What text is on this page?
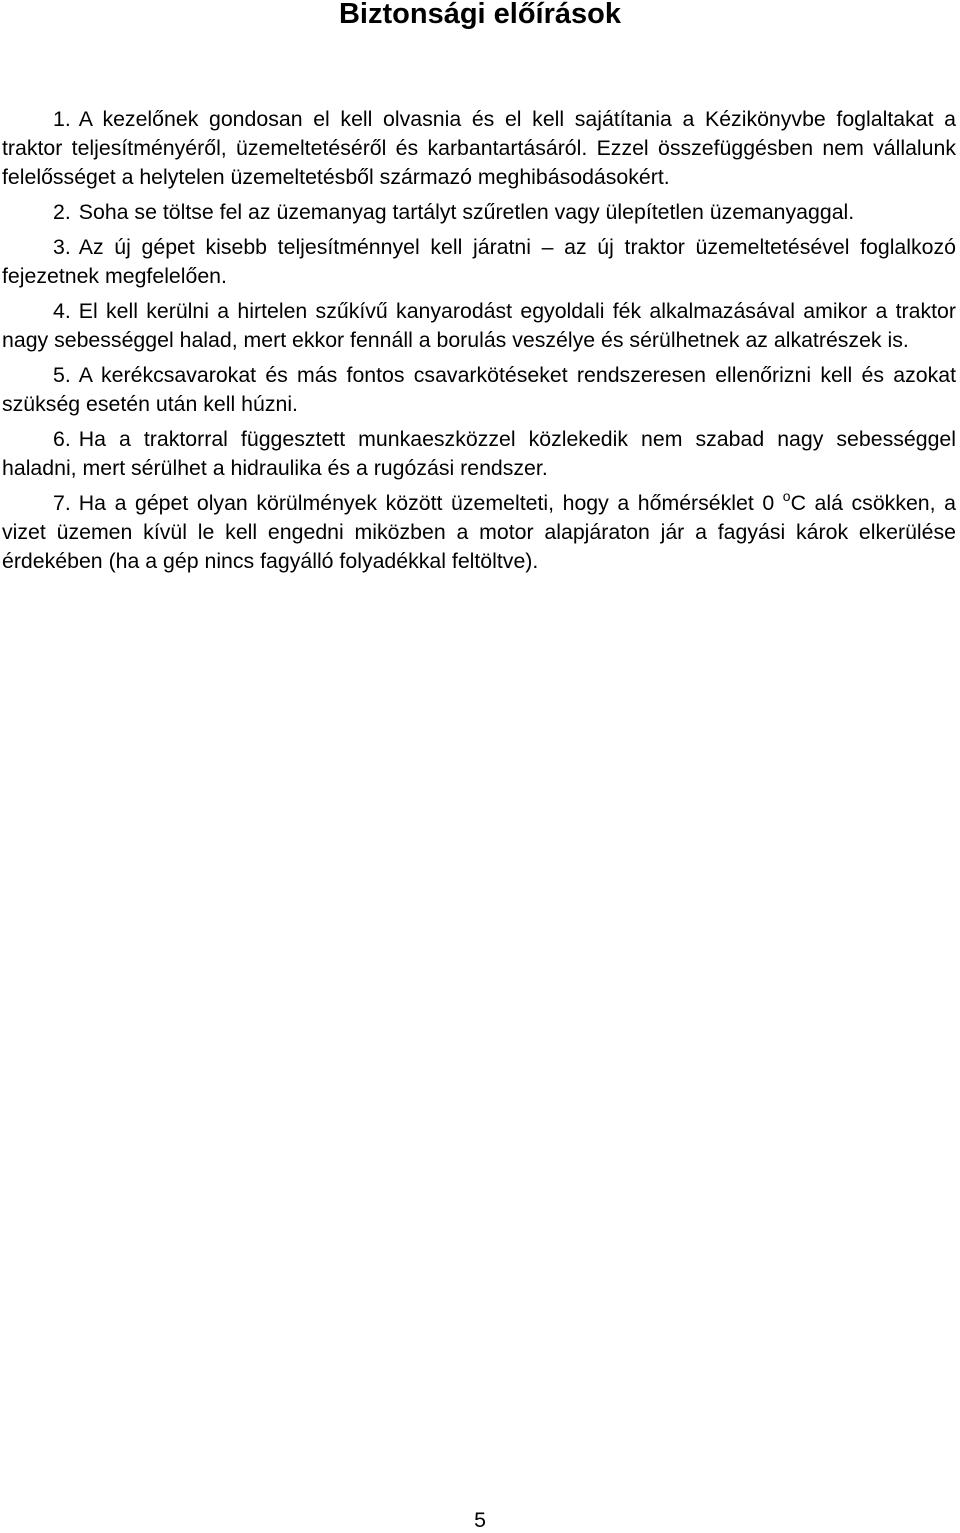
Biztonsági előírások

1. A kezelőnek gondosan el kell olvasnia és el kell sajátítania a Kézikönyvbe foglaltakat a traktor teljesítményéről, üzemeltetéséről és karbantartásáról. Ezzel összefüggésben nem vállalunk felelősséget a helytelen üzemeltetésből származó meghibásodásokért.

2. Soha se töltse fel az üzemanyag tartályt szűretlen vagy ülepítetlen üzemanyaggal.

3. Az új gépet kisebb teljesítménnyel kell járatni – az új traktor üzemeltetésével foglalkozó fejezetnek megfelelően.

4. El kell kerülni a hirtelen szűkívű kanyarodást egyoldali fék alkalmazásával amikor a traktor nagy sebességgel halad, mert ekkor fennáll a borulás veszélye és sérülhetnek az alkatrészek is.

5. A kerékcsavarokat és más fontos csavarkötéseket rendszeresen ellenőrizni kell és azokat szükség esetén után kell húzni.

6. Ha a traktorral függesztett munkaeszközzel közlekedik nem szabad nagy sebességgel haladni, mert sérülhet a hidraulika és a rugózási rendszer.

7. Ha a gépet olyan körülmények között üzemelteti, hogy a hőmérséklet 0 $^o$C alá csökken, a vizet üzemen kívül le kell engedni miközben a motor alapjáraton jár a fagyási károk elkerülése érdekében (ha a gép nincs fagyálló folyadékkal feltöltve).

5
